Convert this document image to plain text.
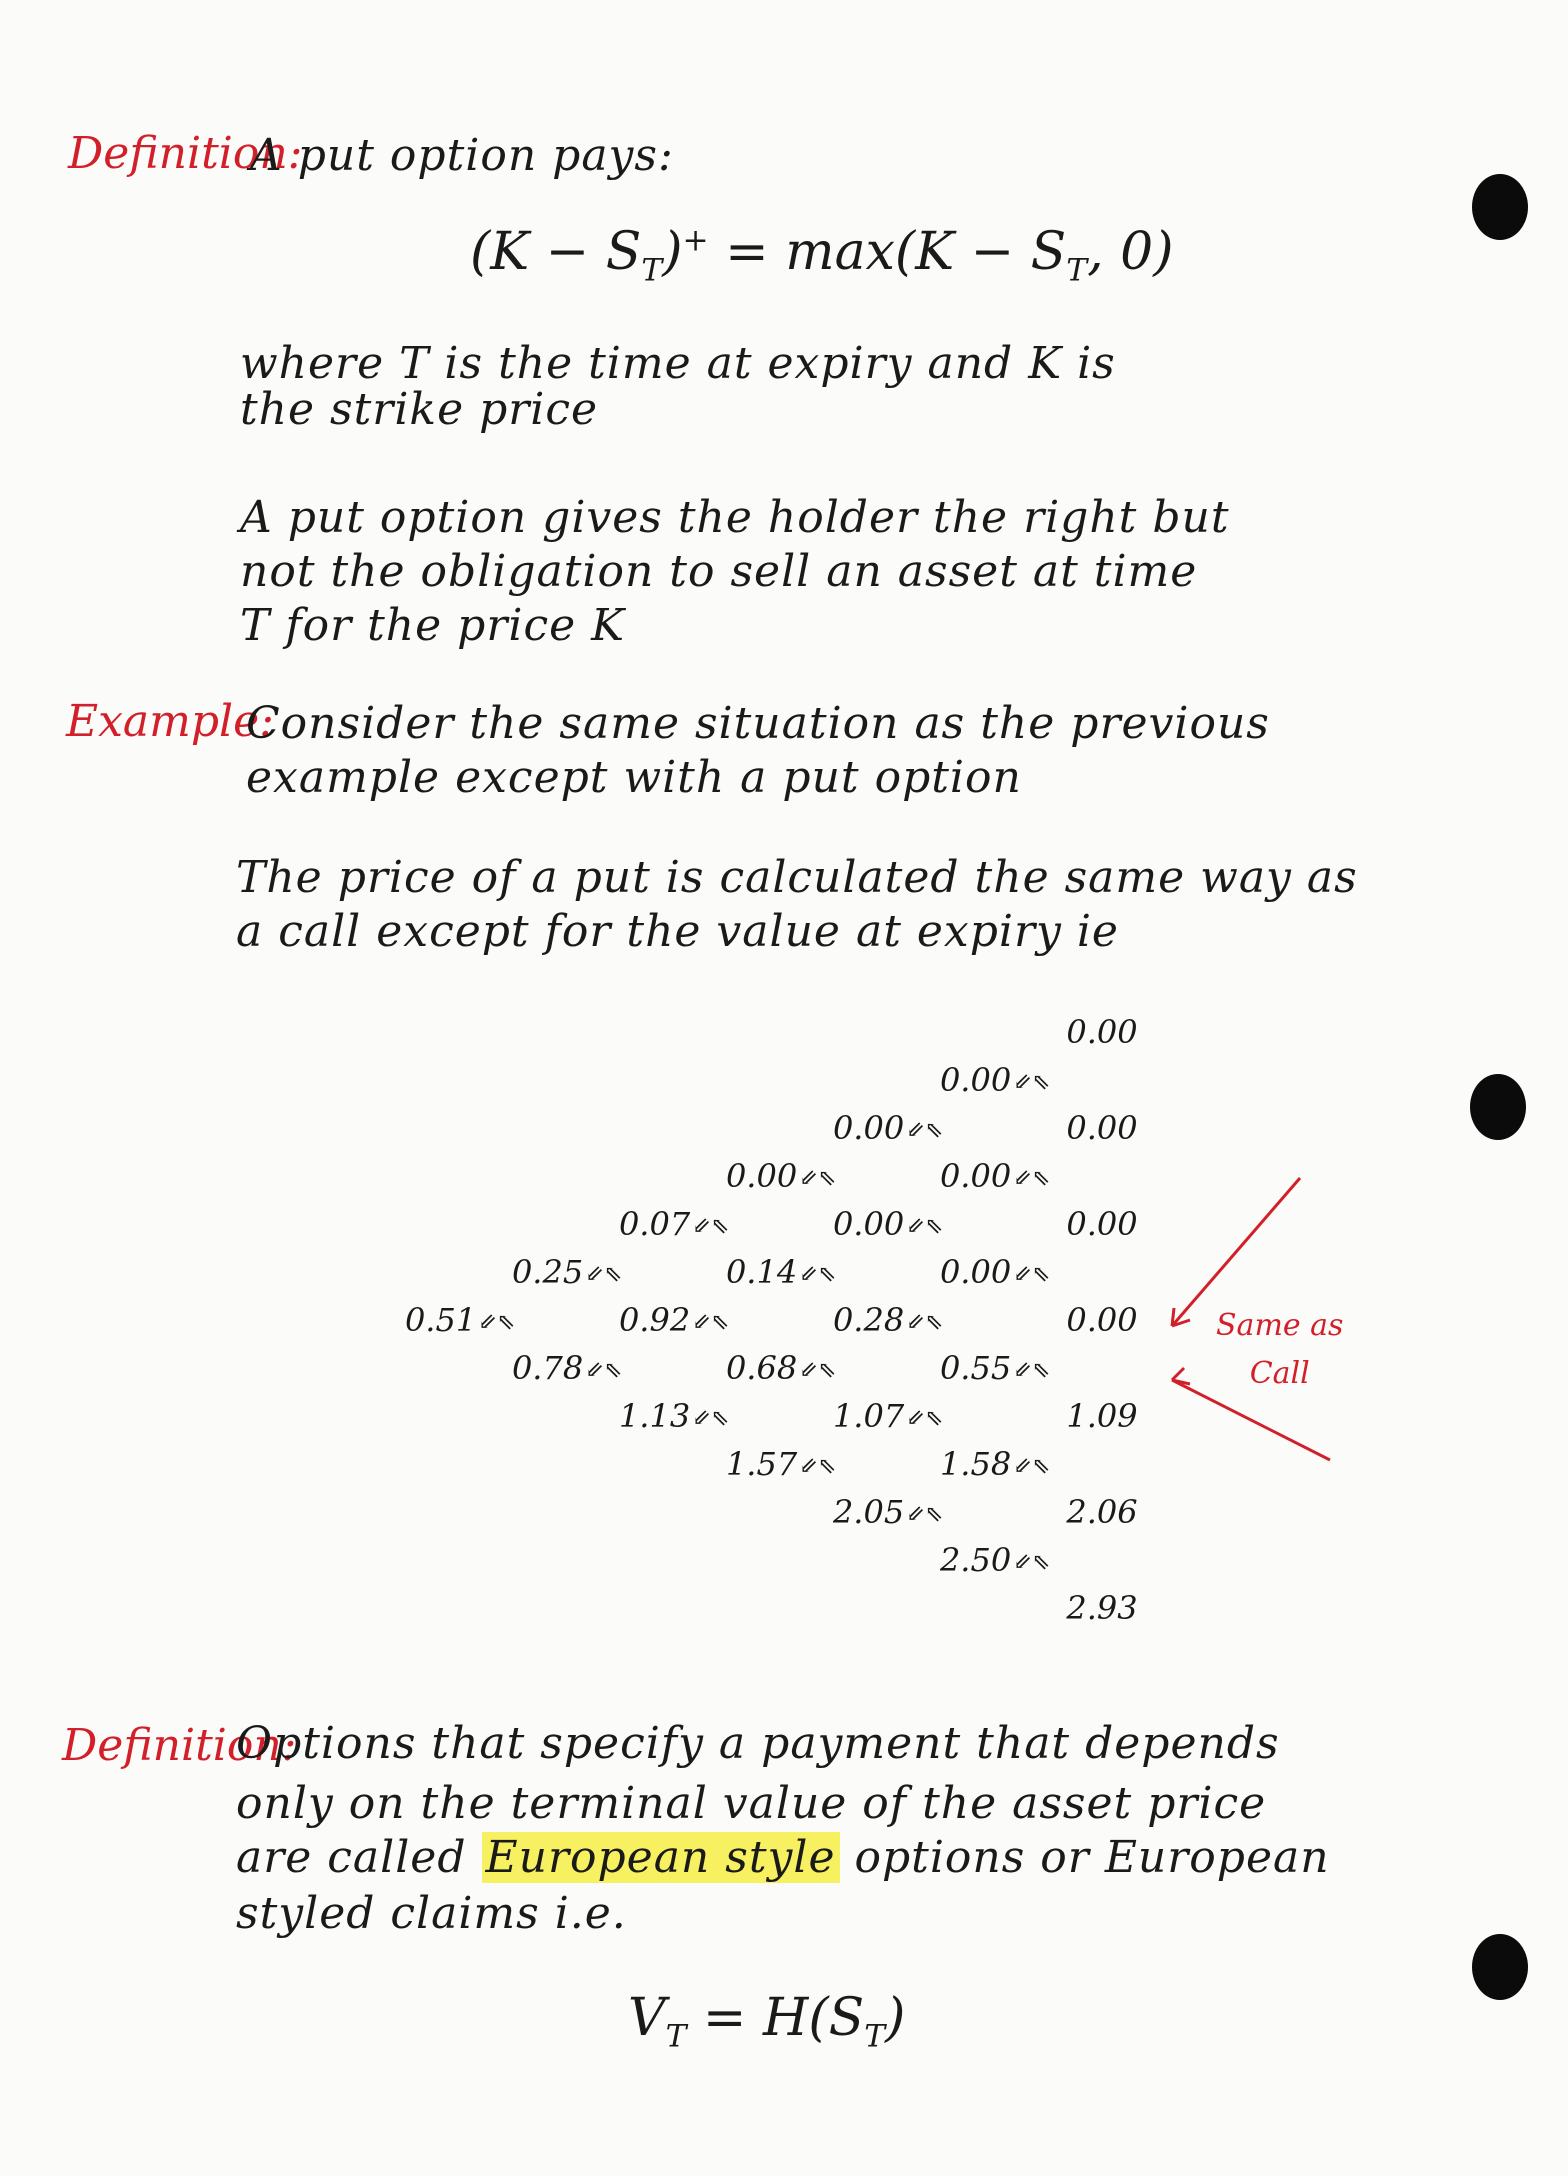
Definition:
A put option pays:
$(K - S_T)^+ = \max(K - S_T$, 0)
where T is the time at expiry and K is
the strike price
A put option gives the holder the right but
not the obligation to sell an asset at time
T for the price K
Example:
Consider the same situation as the previous
example except with a put option
The price of a put is calculated the same way as
a call except for the value at expiry ie
0.51⇙⇖
0.25⇙⇖
0.78⇙⇖
0.07⇙⇖
0.92⇙⇖
1.13⇙⇖
0.00⇙⇖
0.14⇙⇖
0.68⇙⇖
1.57⇙⇖
0.00⇙⇖
0.00⇙⇖
0.28⇙⇖
1.07⇙⇖
2.05⇙⇖
0.00⇙⇖
0.00⇙⇖
0.00⇙⇖
0.55⇙⇖
1.58⇙⇖
2.50⇙⇖
0.00
0.00
0.00
0.00
1.09
2.06
2.93
Same as
Call
Definition:
Options that specify a payment that depends
only on the terminal value of the asset price
are called European style options or European
styled claims i.e.
$V_T = H(S_T)$
